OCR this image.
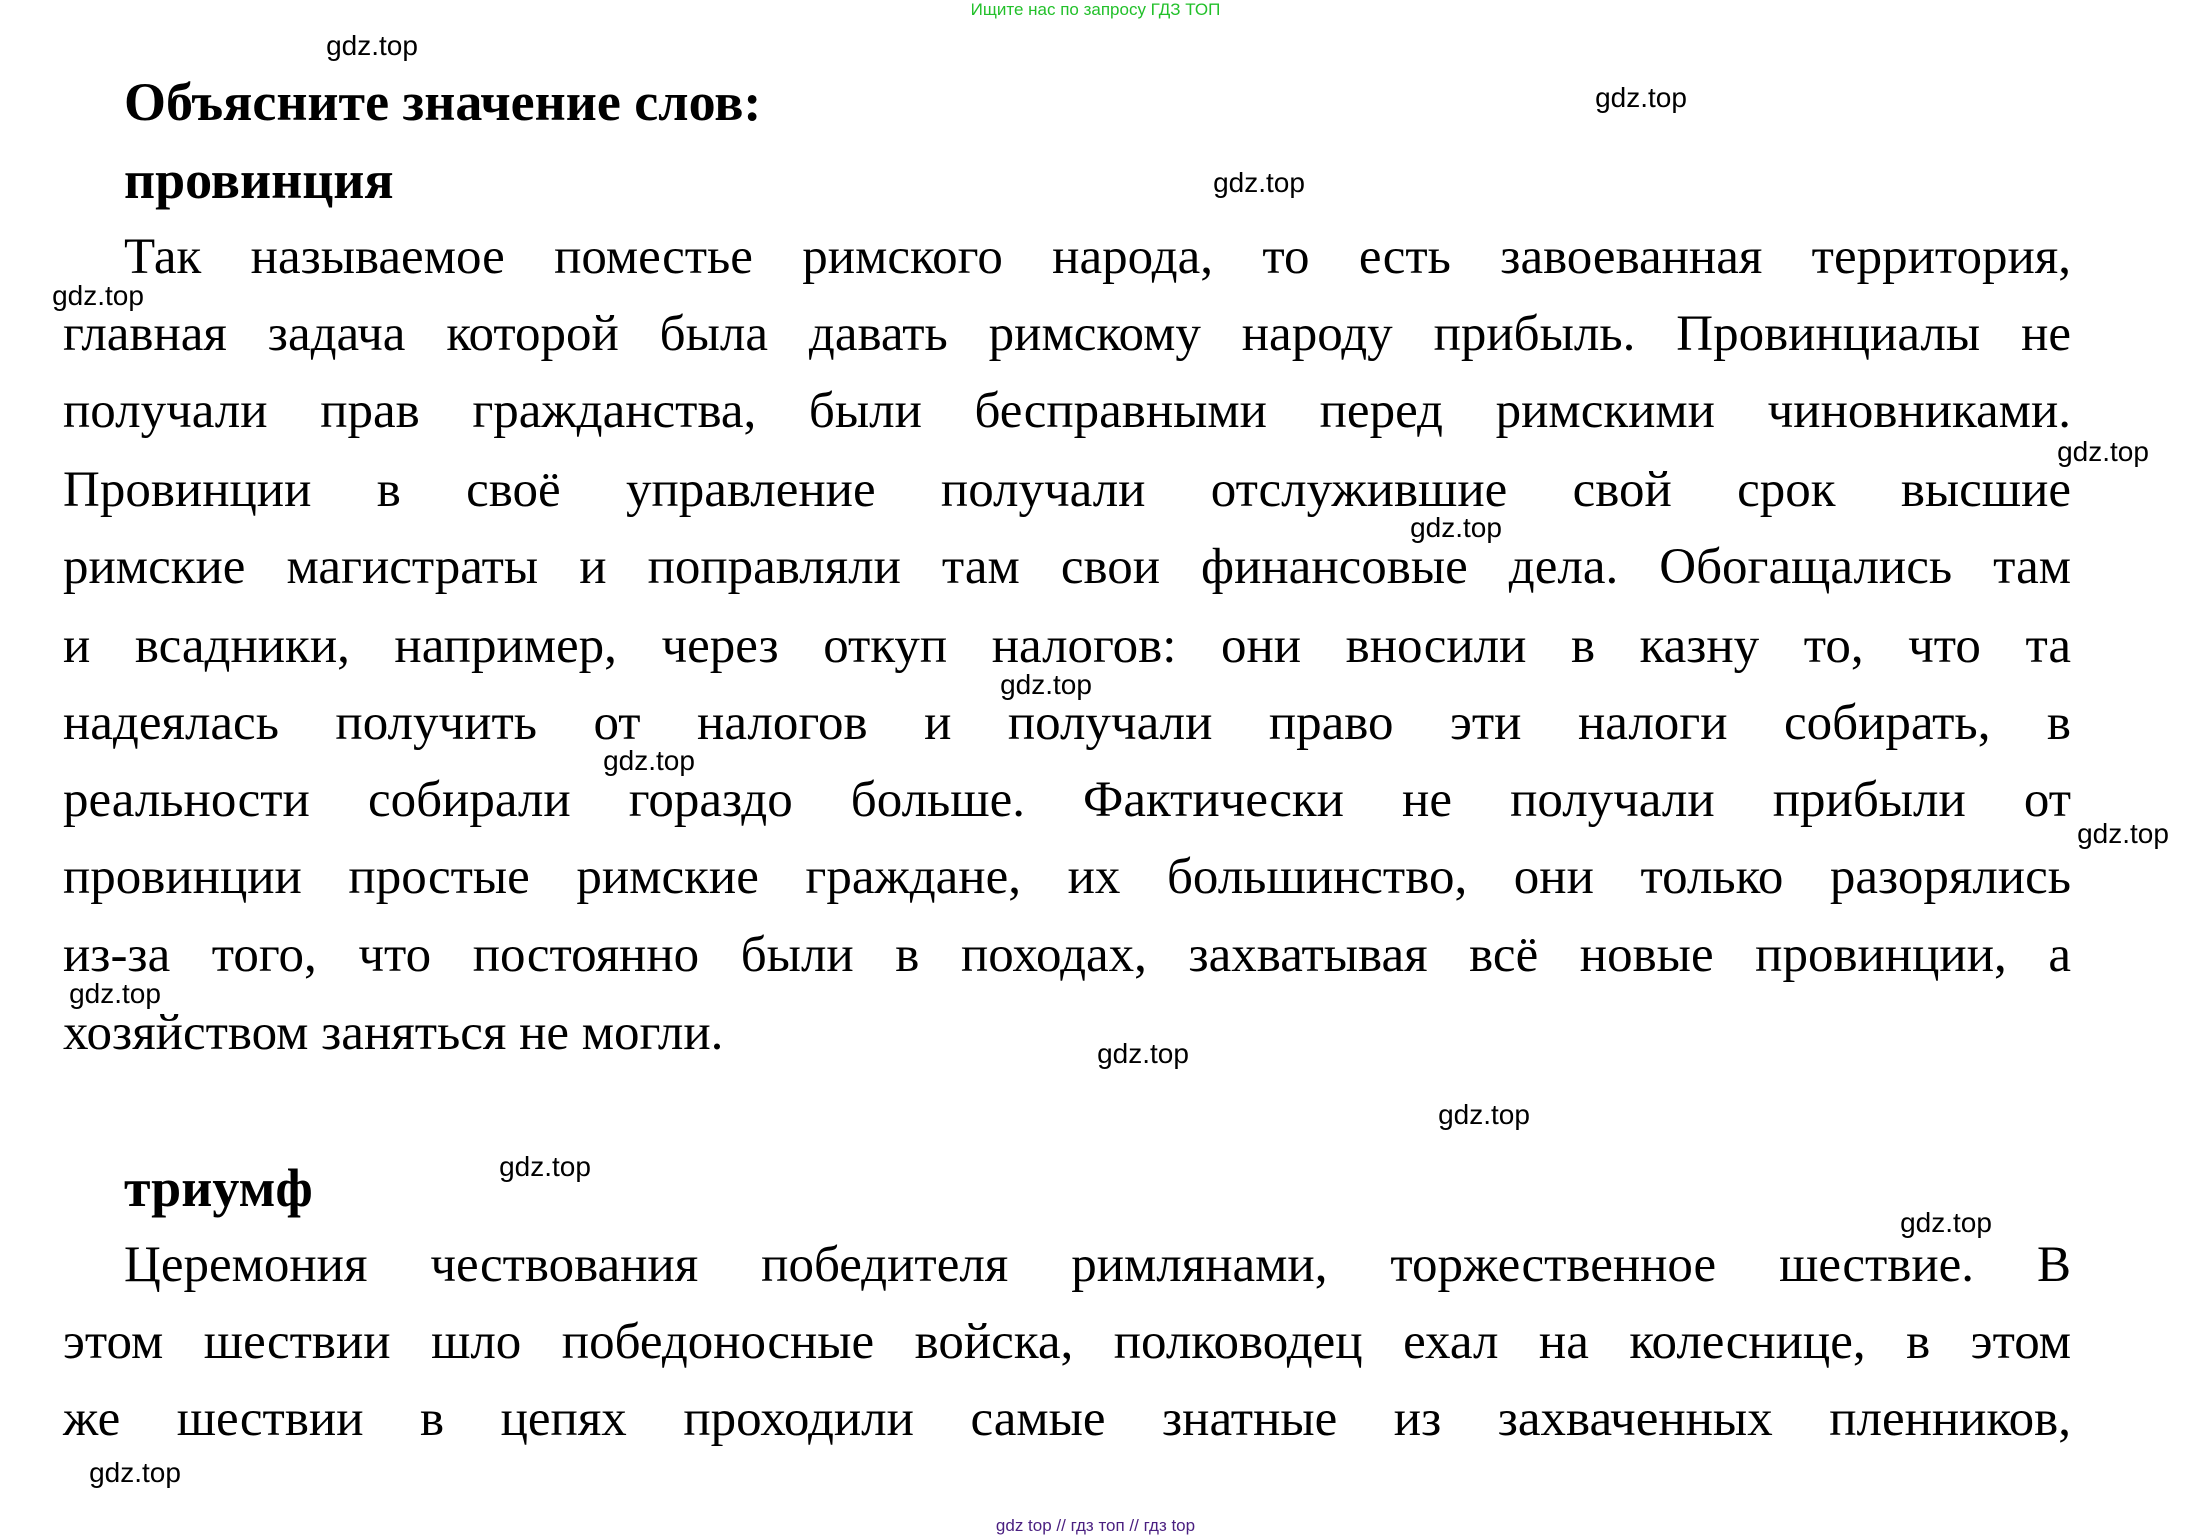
Ищите нас по запросу ГДЗ ТОП
Объясните значение слов:
провинция
Так называемое поместье римского народа, то есть завоеванная территория,
главная задача которой была давать римскому народу прибыль. Провинциалы не
получали прав гражданства, были бесправными перед римскими чиновниками.
Провинции в своё управление получали отслужившие свой срок высшие
римские магистраты и поправляли там свои финансовые дела. Обогащались там
и всадники, например, через откуп налогов: они вносили в казну то, что та
надеялась получить от налогов и получали право эти налоги собирать, в
реальности собирали гораздо больше. Фактически не получали прибыли от
провинции простые римские граждане, их большинство, они только разорялись
из-за того, что постоянно были в походах, захватывая всё новые провинции, а
хозяйством заняться не могли.
триумф
Церемония чествования победителя римлянами, торжественное шествие. В
этом шествии шло победоносные войска, полководец ехал на колеснице, в этом
же шествии в цепях проходили самые знатные из захваченных пленников,
gdz.top
gdz.top
gdz.top
gdz.top
gdz.top
gdz.top
gdz.top
gdz.top
gdz.top
gdz.top
gdz.top
gdz.top
gdz.top
gdz.top
gdz.top
gdz top // гдз топ // гдз top
